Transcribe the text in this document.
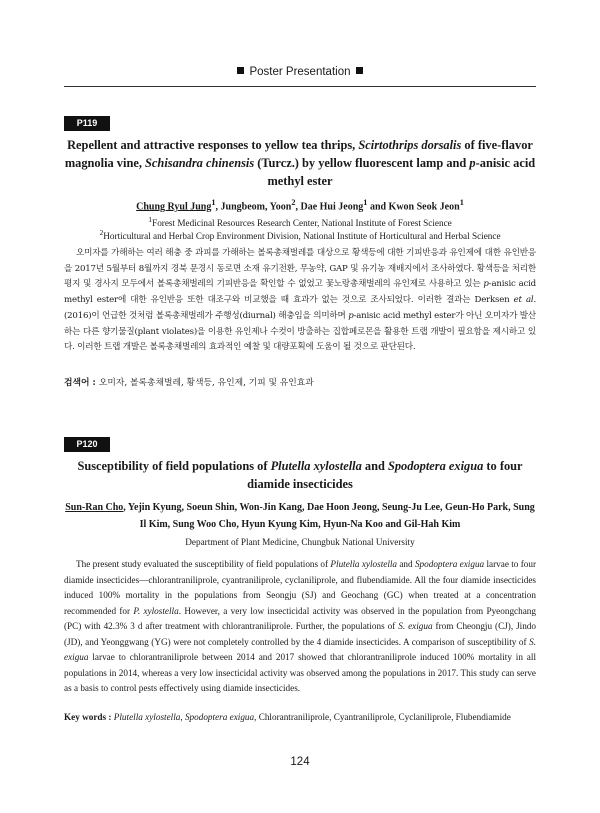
Poster Presentation
P119
Repellent and attractive responses to yellow tea thrips, Scirtothrips dorsalis of five-flavor magnolia vine, Schisandra chinensis (Turcz.) by yellow fluorescent lamp and p-anisic acid methyl ester
Chung Ryul Jung$^1$, Jungbeom, Yoon$^2$, Dae Hui Jeong$^1$ and Kwon Seok Jeon$^1$
$^1$Forest Medicinal Resources Research Center, National Institute of Forest Science
$^2$Horticultural and Herbal Crop Environment Division, National Institute of Horticultural and Herbal Science
오미자를 가해하는 여러 해충 중 과피를 가해하는 볼록총채벌레를 대상으로 황색등에 대한 기피반응과 유인제에 대한 유인반응을 2017년 5월부터 8월까지 경북 문경시 동로면 소재 유기전환, 무농약, GAP 및 유기농 재배지에서 조사하였다. 황색등을 처리한 평지 및 경사지 모두에서 볼록총채벌레의 기피반응을 확인할 수 없었고 꽃노랑총채벌레의 유인제로 사용하고 있는 p-anisic acid methyl ester에 대한 유인반응 또한 대조구와 비교했을 때 효과가 없는 것으로 조사되었다. 이러한 결과는 Derksen et al. (2016)이 언급한 것처럼 볼록총채벌레가 주행성(diurnal) 해충임을 의미하며 p-anisic acid methyl ester가 아닌 오미자가 발산하는 다른 향기물질(plant violates)을 이용한 유인제나 수컷이 방출하는 집합페로몬을 활용한 트랩 개발이 필요함을 제시하고 있다. 이러한 트랩 개발은 볼록총채벌레의 효과적인 예찰 및 대량포획에 도움이 될 것으로 판단된다.
검색어 : 오미자, 볼록총채벌레, 황색등, 유인제, 기피 및 유인효과
P120
Susceptibility of field populations of Plutella xylostella and Spodoptera exigua to four diamide insecticides
Sun-Ran Cho, Yejin Kyung, Soeun Shin, Won-Jin Kang, Dae Hoon Jeong, Seung-Ju Lee, Geun-Ho Park, Sung Il Kim, Sung Woo Cho, Hyun Kyung Kim, Hyun-Na Koo and Gil-Hah Kim
Department of Plant Medicine, Chungbuk National University
The present study evaluated the susceptibility of field populations of Plutella xylostella and Spodoptera exigua larvae to four diamide insecticides—chlorantraniliprole, cyantraniliprole, cyclaniliprole, and flubendiamide. All the four diamide insecticides induced 100% mortality in the populations from Seongju (SJ) and Geochang (GC) when treated at a concentration recommended for P. xylostella. However, a very low insecticidal activity was observed in the population from Pyeongchang (PC) with 42.3% 3 d after treatment with chlorantraniliprole. Further, the populations of S. exigua from Cheongju (CJ), Jindo (JD), and Yeonggwang (YG) were not completely controlled by the 4 diamide insecticides. A comparison of susceptibility of S. exigua larvae to chlorantraniliprole between 2014 and 2017 showed that chlorantraniliprole induced 100% mortality in all populations in 2014, whereas a very low insecticidal activity was observed among the populations in 2017. This study can serve as a basis to control pests effectively using diamide insecticides.
Key words : Plutella xylostella, Spodoptera exigua, Chlorantraniliprole, Cyantraniliprole, Cyclaniliprole, Flubendiamide
124
